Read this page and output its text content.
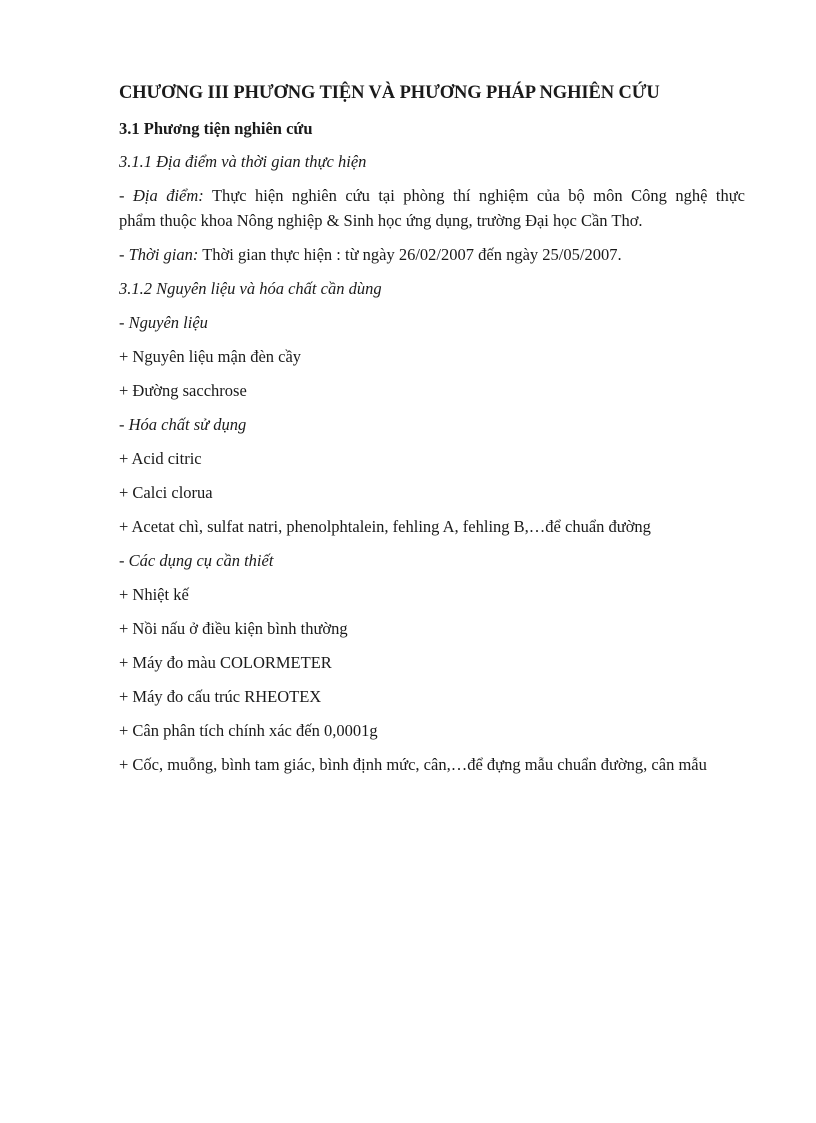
CHƯƠNG III PHƯƠNG TIỆN VÀ PHƯƠNG PHÁP NGHIÊN CỨU
3.1 Phương tiện nghiên cứu
3.1.1 Địa điểm và thời gian thực hiện
- Địa điểm: Thực hiện nghiên cứu tại phòng thí nghiệm của bộ môn Công nghệ thực
phẩm thuộc khoa Nông nghiệp & Sinh học ứng dụng, trường Đại học Cần Thơ.
- Thời gian: Thời gian thực hiện : từ ngày 26/02/2007 đến ngày 25/05/2007.
3.1.2 Nguyên liệu và hóa chất cần dùng
- Nguyên liệu
+ Nguyên liệu mận đèn cầy
+ Đường sacchrose
- Hóa chất sử dụng
+ Acid citric
+ Calci clorua
+ Acetat chì, sulfat natri, phenolphtalein, fehling A, fehling B,…để chuẩn đường
- Các dụng cụ cần thiết
+ Nhiệt kế
+ Nồi nấu ở điều kiện bình thường
+ Máy đo màu COLORMETER
+ Máy đo cấu trúc RHEOTEX
+ Cân phân tích chính xác đến 0,0001g
+ Cốc, muỗng, bình tam giác, bình định mức, cân,…để đựng mẫu chuẩn đường, cân mẫu
